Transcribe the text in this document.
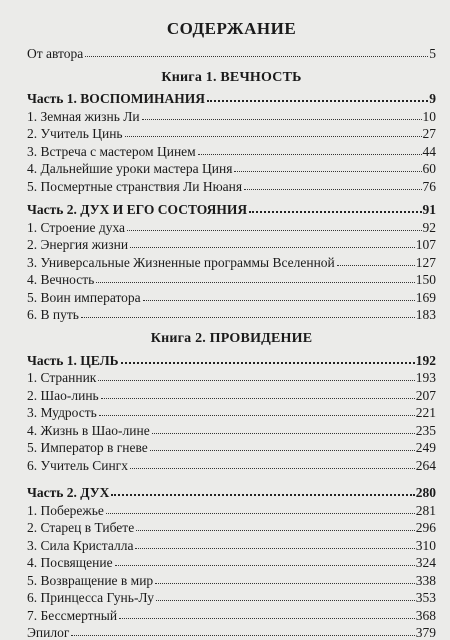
СОДЕРЖАНИЕ
От автора	5
Книга 1. ВЕЧНОСТЬ
Часть 1. ВОСПОМИНАНИЯ	9
1. Земная жизнь Ли	10
2. Учитель Цинь	27
3. Встреча с мастером Цинем	44
4. Дальнейшие уроки мастера Циня	60
5. Посмертные странствия Ли Нюаня	76
Часть 2. ДУХ И ЕГО СОСТОЯНИЯ	91
1. Строение духа	92
2. Энергия жизни	107
3. Универсальные Жизненные программы Вселенной	127
4. Вечность	150
5. Воин императора	169
6. В путь	183
Книга 2. ПРОВИДЕНИЕ
Часть 1. ЦЕЛЬ	192
1. Странник	193
2. Шао-линь	207
3. Мудрость	221
4. Жизнь в Шао-лине	235
5. Император в гневе	249
6. Учитель Сингх	264
Часть 2. ДУХ	280
1. Побережье	281
2. Старец в Тибете	296
3. Сила Кристалла	310
4. Посвящение	324
5. Возвращение в мир	338
6. Принцесса Гунь-Лу	353
7. Бессмертный	368
Эпилог	379
